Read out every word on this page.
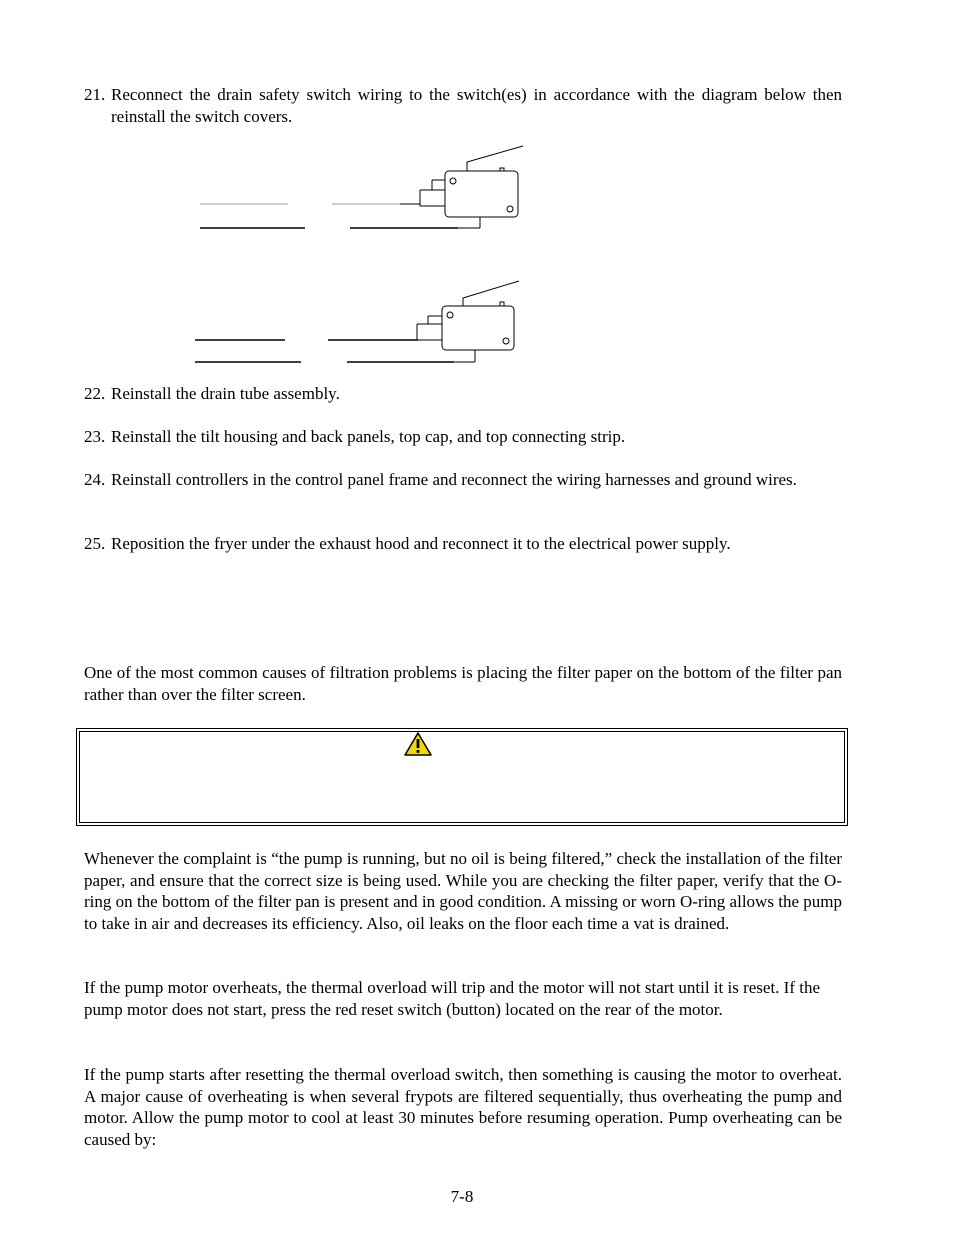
21. Reconnect the drain safety switch wiring to the switch(es) in accordance with the diagram below then reinstall the switch covers.

22. Reinstall the drain tube assembly.

23. Reinstall the tilt housing and back panels, top cap, and top connecting strip.

24. Reinstall controllers in the control panel frame and reconnect the wiring harnesses and ground wires.

25. Reposition the fryer under the exhaust hood and reconnect it to the electrical power supply.

One of the most common causes of filtration problems is placing the filter paper on the bottom of the filter pan rather than over the filter screen.

Whenever the complaint is “the pump is running, but no oil is being filtered,” check the installation of the filter paper, and ensure that the correct size is being used. While you are checking the filter paper, verify that the O-ring on the bottom of the filter pan is present and in good condition. A missing or worn O-ring allows the pump to take in air and decreases its efficiency. Also, oil leaks on the floor each time a vat is drained.

If the pump motor overheats, the thermal overload will trip and the motor will not start until it is reset. If the pump motor does not start, press the red reset switch (button) located on the rear of the motor.

If the pump starts after resetting the thermal overload switch, then something is causing the motor to overheat. A major cause of overheating is when several frypots are filtered sequentially, thus overheating the pump and motor. Allow the pump motor to cool at least 30 minutes before resuming operation. Pump overheating can be caused by:

7-8
